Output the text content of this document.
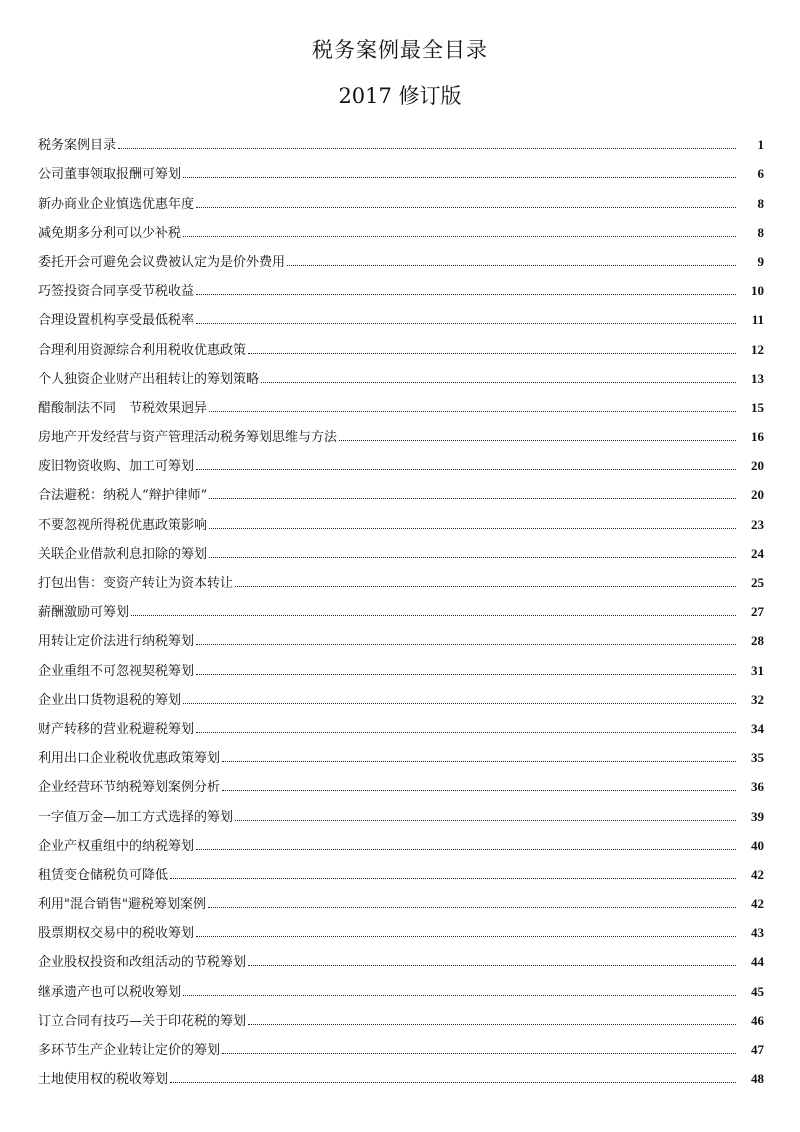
税务案例最全目录
2017 修订版
税务案例目录	1
公司董事领取报酬可筹划	6
新办商业企业慎选优惠年度	8
减免期多分利可以少补税	8
委托开会可避免会议费被认定为是价外费用	9
巧签投资合同享受节税收益	10
合理设置机构享受最低税率	11
合理利用资源综合利用税收优惠政策	12
个人独资企业财产出租转让的筹划策略	13
醋酸制法不同　节税效果迥异	15
房地产开发经营与资产管理活动税务筹划思维与方法	16
废旧物资收购、加工可筹划	20
合法避税：纳税人“辩护律师”	20
不要忽视所得税优惠政策影响	23
关联企业借款利息扣除的筹划	24
打包出售：变资产转让为资本转让	25
薪酬激励可筹划	27
用转让定价法进行纳税筹划	28
企业重组不可忽视契税筹划	31
企业出口货物退税的筹划	32
财产转移的营业税避税筹划	34
利用出口企业税收优惠政策筹划	35
企业经营环节纳税筹划案例分析	36
一字值万金—加工方式选择的筹划	39
企业产权重组中的纳税筹划	40
租赁变仓储税负可降低	42
利用"混合销售"避税筹划案例	42
股票期权交易中的税收筹划	43
企业股权投资和改组活动的节税筹划	44
继承遗产也可以税收筹划	45
订立合同有技巧—关于印花税的筹划	46
多环节生产企业转让定价的筹划	47
土地使用权的税收筹划	48
